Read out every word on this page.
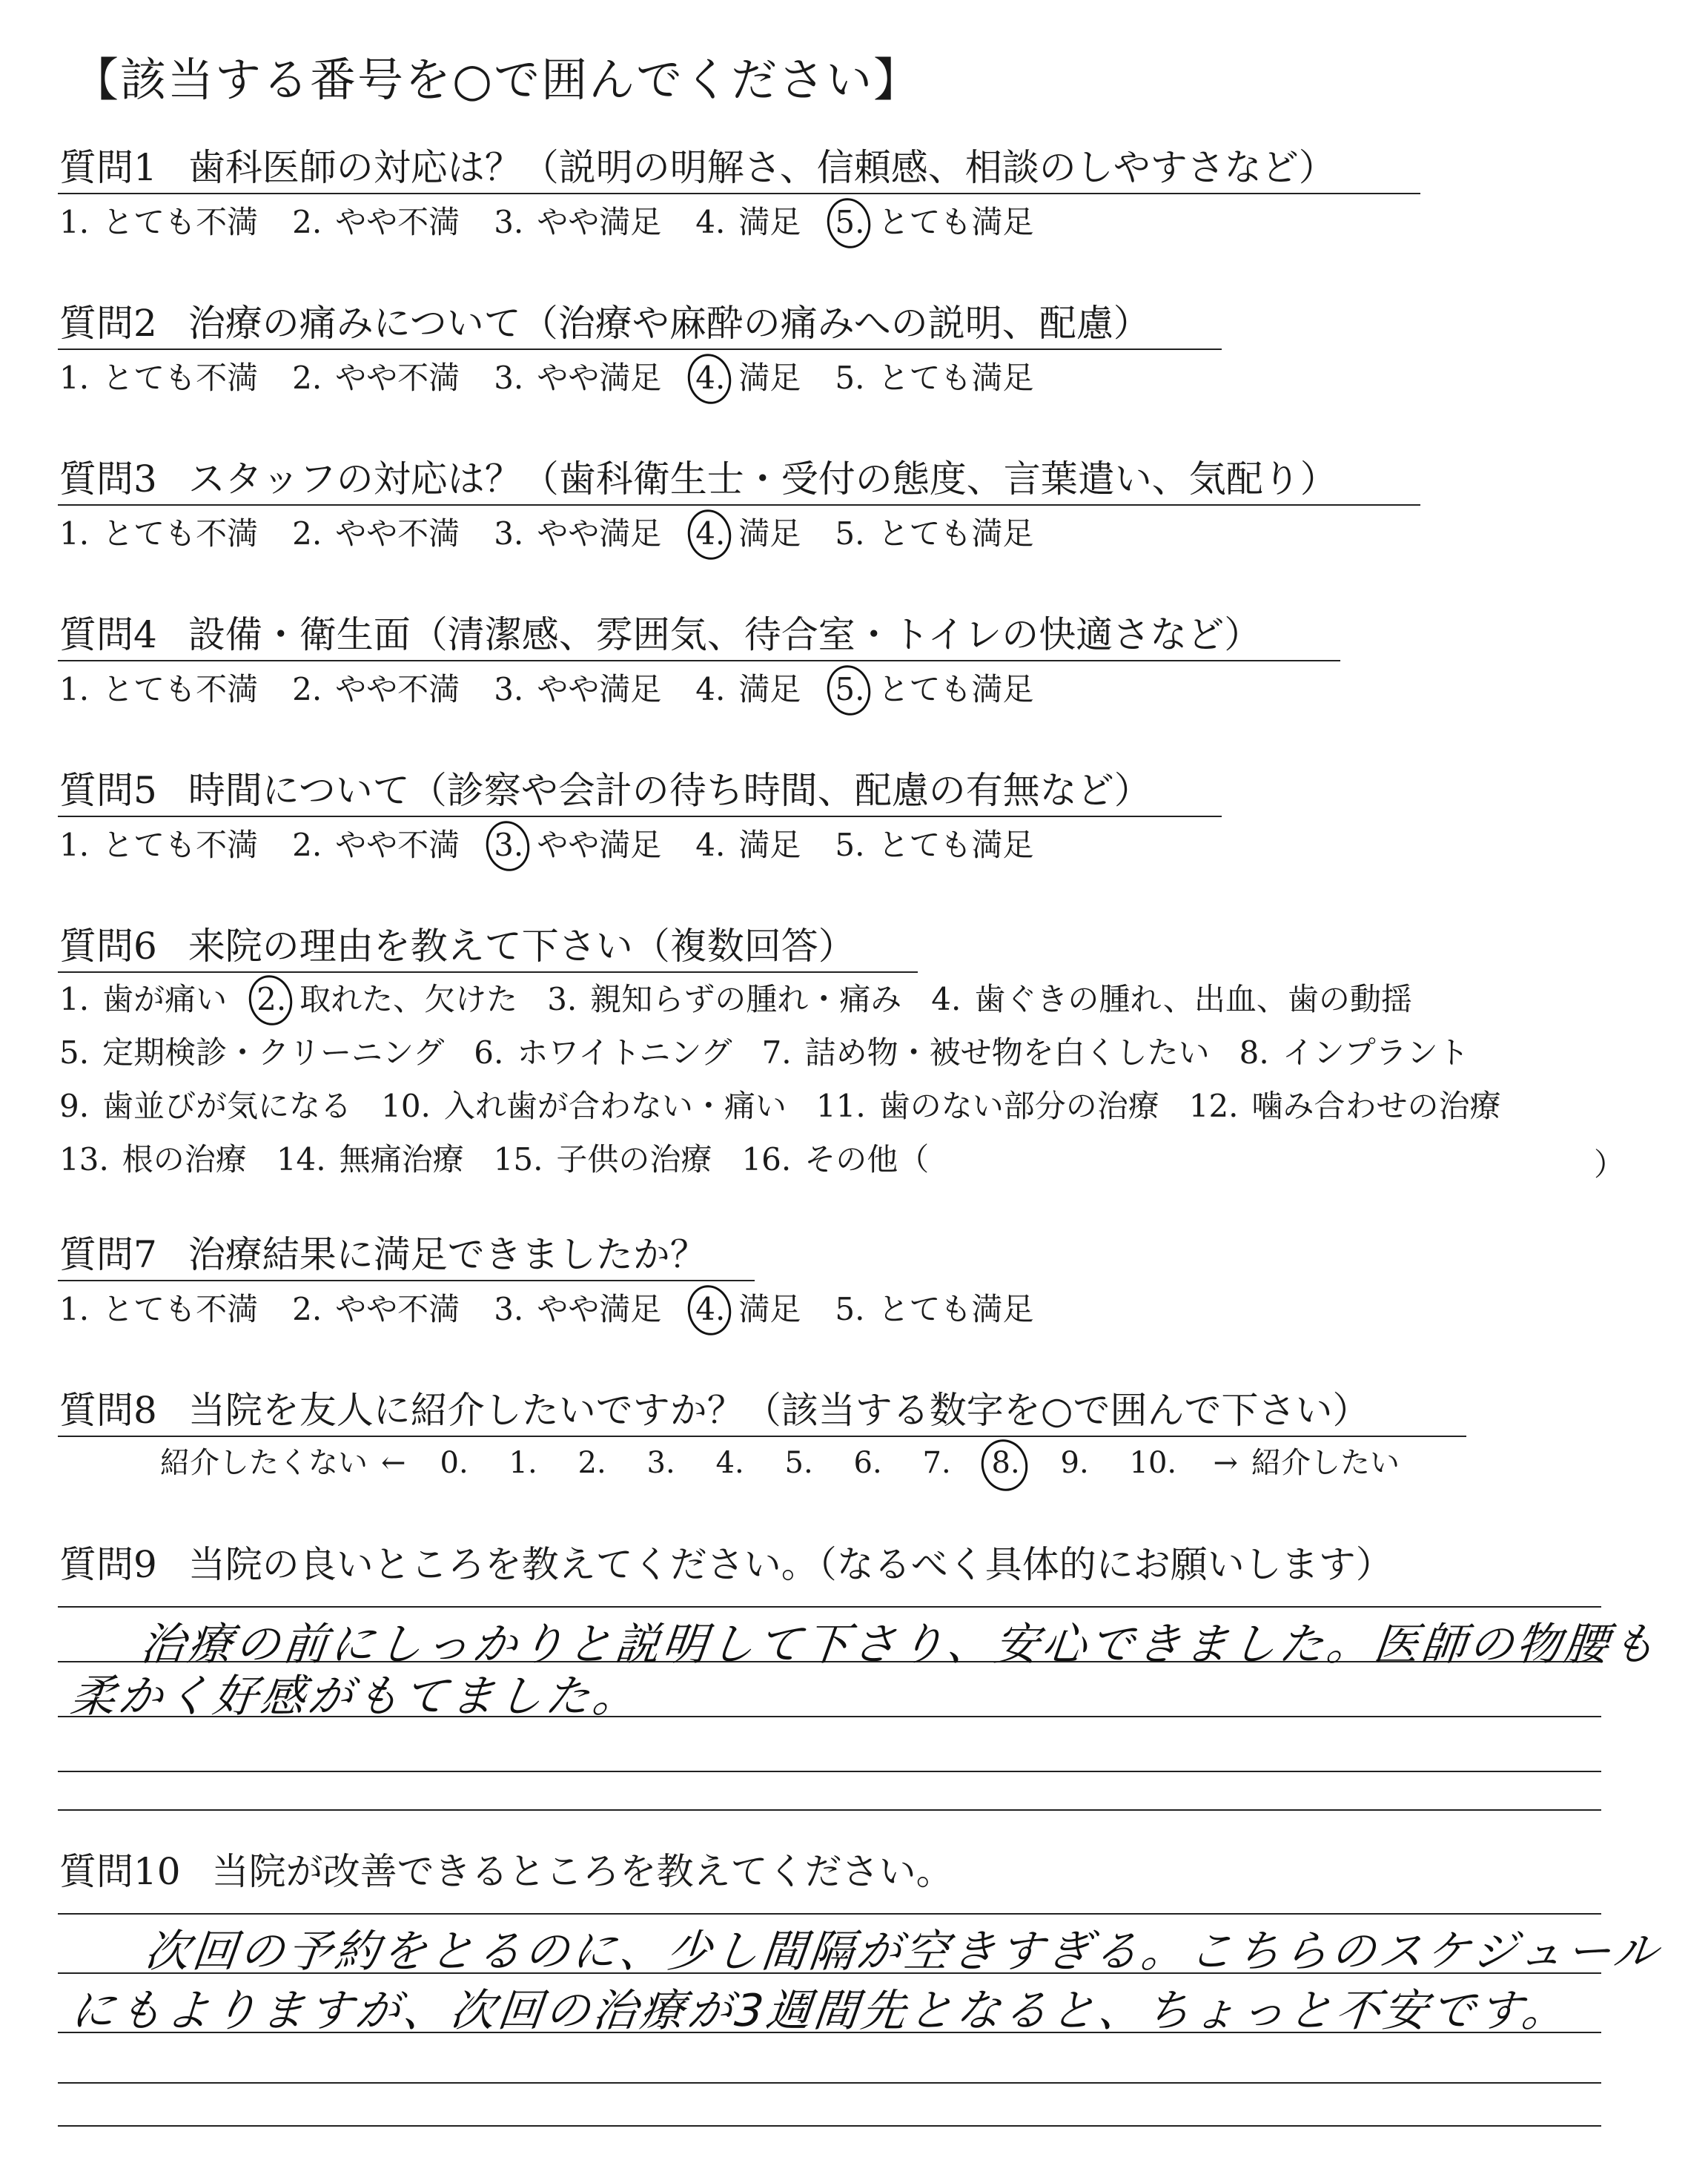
【該当する番号を○で囲んでください】
質問1 歯科医師の対応は？（説明の明解さ、信頼感、相談のしやすさなど）
1. とても不満 2. やや不満 3. やや満足 4. 満足 5. とても満足
質問2 治療の痛みについて（治療や麻酔の痛みへの説明、配慮）
1. とても不満 2. やや不満 3. やや満足 4. 満足 5. とても満足
質問3 スタッフの対応は？（歯科衛生士・受付の態度、言葉遣い、気配り）
1. とても不満 2. やや不満 3. やや満足 4. 満足 5. とても満足
質問4 設備・衛生面（清潔感、雰囲気、待合室・トイレの快適さなど）
1. とても不満 2. やや不満 3. やや満足 4. 満足 5. とても満足
質問5 時間について（診察や会計の待ち時間、配慮の有無など）
1. とても不満 2. やや不満 3. やや満足 4. 満足 5. とても満足
質問6 来院の理由を教えて下さい（複数回答）
1. 歯が痛い 2. 取れた、欠けた 3. 親知らずの腫れ・痛み 4. 歯ぐきの腫れ、出血、歯の動揺
5. 定期検診・クリーニング 6. ホワイトニング 7. 詰め物・被せ物を白くしたい 8. インプラント
9. 歯並びが気になる 10. 入れ歯が合わない・痛い 11. 歯のない部分の治療 12. 噛み合わせの治療
13. 根の治療 14. 無痛治療 15. 子供の治療 16. その他（	）
質問7 治療結果に満足できましたか？
1. とても不満 2. やや不満 3. やや満足 4. 満足 5. とても満足
質問8 当院を友人に紹介したいですか？（該当する数字を○で囲んで下さい）
紹介したくない ← 0. 1. 2. 3. 4. 5. 6. 7. 8. 9. 10. → 紹介したい
質問9 当院の良いところを教えてください。（なるべく具体的にお願いします）
治療の前にしっかりと説明して下さり、安心できました。医師の物腰も
柔かく好感がもてました。
質問10 当院が改善できるところを教えてください。
次回の予約をとるのに、少し間隔が空きすぎる。こちらのスケジュール
にもよりますが、次回の治療が3週間先となると、ちょっと不安です。
